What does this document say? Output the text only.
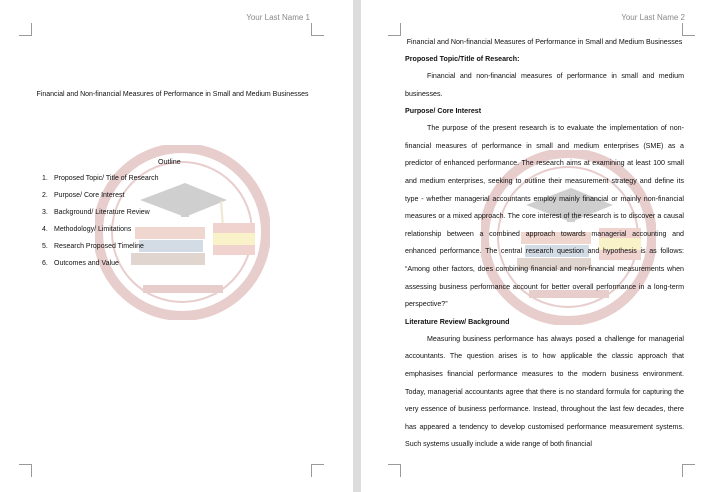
Your Last Name 1
Financial and Non-financial Measures of Performance in Small and Medium Businesses
Outline
1. Proposed Topic/ Title of Research
2. Purpose/ Core Interest
3. Background/ Literature Review
4. Methodology/ Limitations
5. Research Proposed Timeline
6. Outcomes and Value
Your Last Name 2

Financial and Non-financial Measures of Performance in Small and Medium Businesses

Proposed Topic/Title of Research:

Financial and non-financial measures of performance in small and medium businesses.

Purpose/ Core Interest

The purpose of the present research is to evaluate the implementation of non-financial measures of performance in small and medium enterprises (SME) as a predictor of enhanced performance. The research aims at examining at least 100 small and medium enterprises, seeking to outline their measurement strategy and define its type - whether managerial accountants employ mainly financial or mainly non-financial measures or a mixed approach. The core interest of the research is to discover a causal relationship between a combined approach towards managerial accounting and enhanced performance. The central research question and hypothesis is as follows: “Among other factors, does combining financial and non-financial measurements when assessing business performance account for better overall performance in a long-term perspective?”

Literature Review/ Background

Measuring business performance has always posed a challenge for managerial accountants. The question arises is to how applicable the classic approach that emphasises financial performance measures to the modern business environment. Today, managerial accountants agree that there is no standard formula for capturing the very essence of business performance. Instead, throughout the last few decades, there has appeared a tendency to develop customised performance measurement systems. Such systems usually include a wide range of both financial
